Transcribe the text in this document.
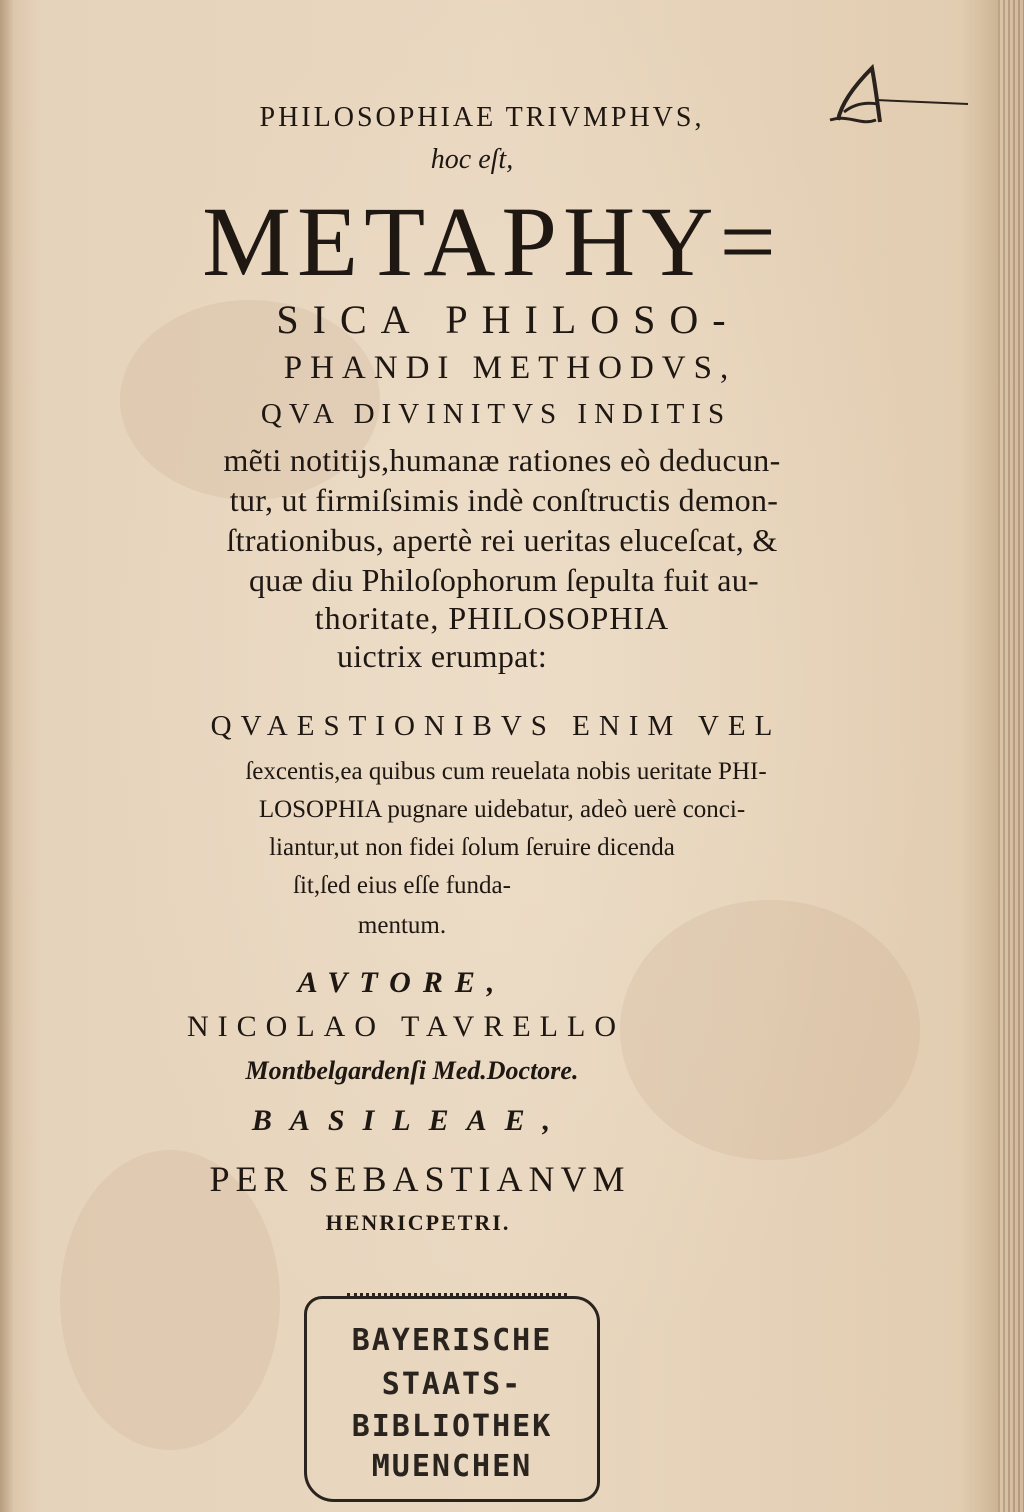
PHILOSOPHIAE TRIVMPHVS,
hoc eſt,
METAPHY=
SICA PHILOSO-
PHANDI METHODVS,
QVA DIVINITVS INDITIS
mẽti notitijs,humanæ rationes eò deducun-
tur, ut firmiſsimis indè conſtructis demon-
ſtrationibus, apertè rei ueritas eluceſcat, &
quæ diu Philoſophorum ſepulta fuit au-
thoritate, PHILOSOPHIA
uictrix erumpat:
QVAESTIONIBVS ENIM VEL
ſexcentis,ea quibus cum reuelata nobis ueritate PHI-
LOSOPHIA pugnare uidebatur, adeò uerè conci-
liantur,ut non fidei ſolum ſeruire dicenda
ſit,ſed eius eſſe funda-
mentum.
AVTORE,
NICOLAO TAVRELLO
Montbelgardenſi Med.Doctore.
BASILEAE,
PER SEBASTIANVM
HENRICPETRI.
BAYERISCHE
STAATS-
BIBLIOTHEK
MUENCHEN
